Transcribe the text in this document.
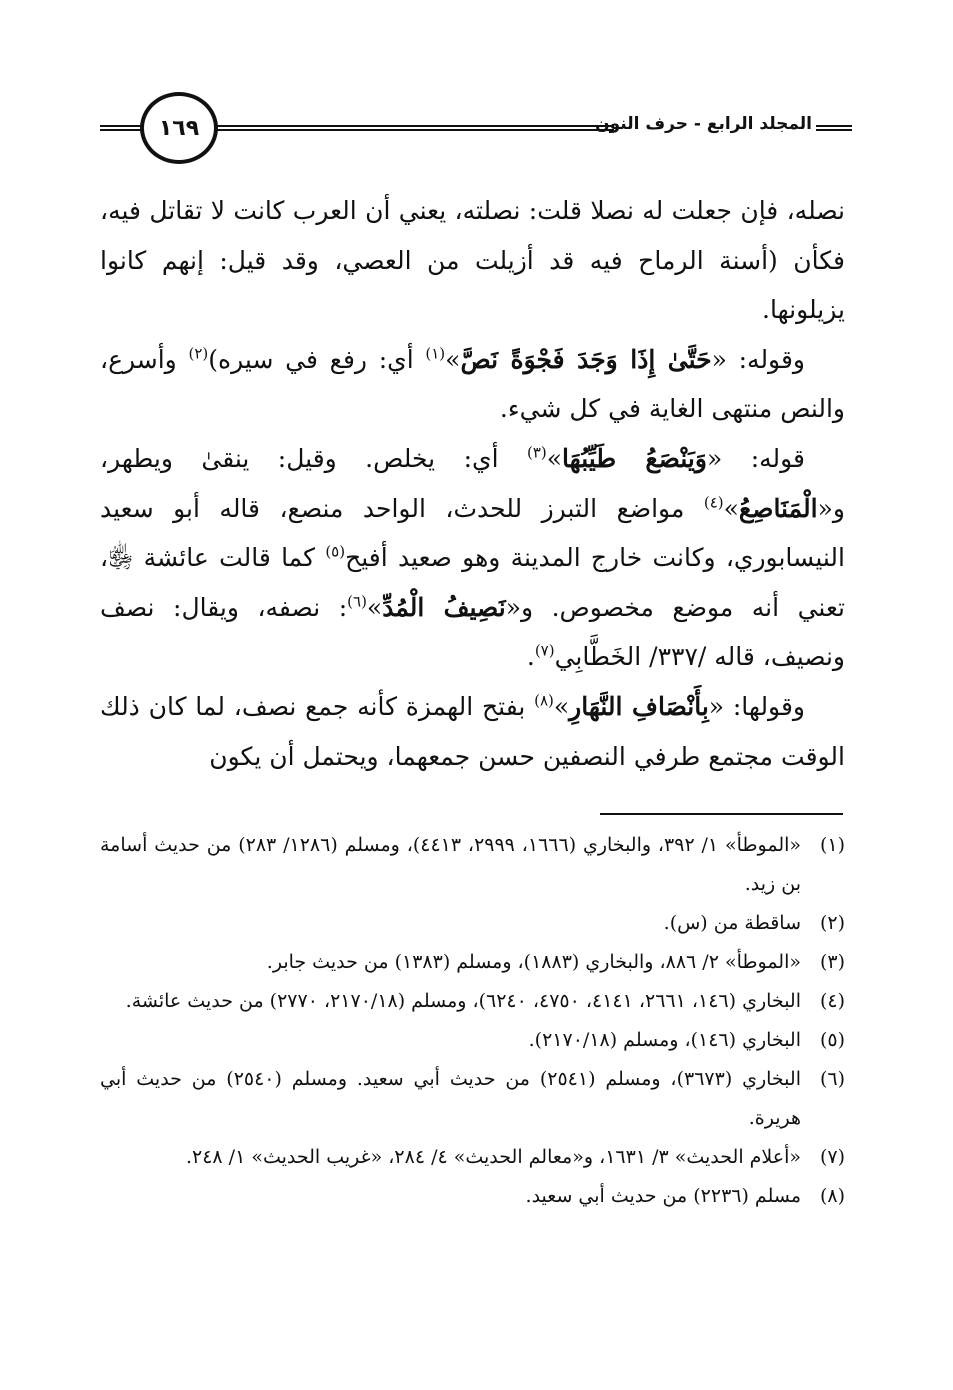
١٦٩	المجلد الرابع - حرف النون

نصله، فإن جعلت له نصلا قلت: نصلته، يعني أن العرب كانت لا تقاتل فيه، فكأن (أسنة الرماح فيه قد أزيلت من العصي، وقد قيل: إنهم كانوا يزيلونها.

وقوله: «حَتَّىٰ إِذَا وَجَدَ فَجْوَةً نَصَّ»$^{(١)}$ أي: رفع في سيره)$^{(٢)}$ وأسرع، والنص منتهى الغاية في كل شيء.

قوله: «وَيَنْصَعُ طَيِّبُهَا»$^{(٣)}$ أي: يخلص. وقيل: ينقىٰ ويطهر، و«الْمَنَاصِعُ»$^{(٤)}$ مواضع التبرز للحدث، الواحد منصع، قاله أبو سعيد النيسابوري، وكانت خارج المدينة وهو صعيد أفيح$^{(٥)}$ كما قالت عائشة ﵂، تعني أنه موضع مخصوص. و«نَصِيفُ الْمُدِّ»$^{(٦)}$: نصفه، ويقال: نصف ونصيف، قاله /٣٣٧/ الخَطَّابِي$^{(٧)}$.

وقولها: «بِأَنْصَافِ النَّهَارِ»$^{(٨)}$ بفتح الهمزة كأنه جمع نصف، لما كان ذلك الوقت مجتمع طرفي النصفين حسن جمعهما، ويحتمل أن يكون

(١)
«الموطأ» ١/ ٣٩٢، والبخاري (١٦٦٦، ٢٩٩٩، ٤٤١٣)، ومسلم (١٢٨٦/ ٢٨٣) من حديث أسامة بن زيد.
(٢)
ساقطة من (س).
(٣)
«الموطأ» ٢/ ٨٨٦، والبخاري (١٨٨٣)، ومسلم (١٣٨٣) من حديث جابر.
(٤)
البخاري (١٤٦، ٢٦٦١، ٤١٤١، ٤٧٥٠، ٦٢٤٠)، ومسلم (٢١٧٠/١٨، ٢٧٧٠) من حديث عائشة.
(٥)
البخاري (١٤٦)، ومسلم (٢١٧٠/١٨).
(٦)
البخاري (٣٦٧٣)، ومسلم (٢٥٤١) من حديث أبي سعيد. ومسلم (٢٥٤٠) من حديث أبي هريرة.
(٧)
«أعلام الحديث» ٣/ ١٦٣١، و«معالم الحديث» ٤/ ٢٨٤، «غريب الحديث» ١/ ٢٤٨.
(٨)
مسلم (٢٢٣٦) من حديث أبي سعيد.
